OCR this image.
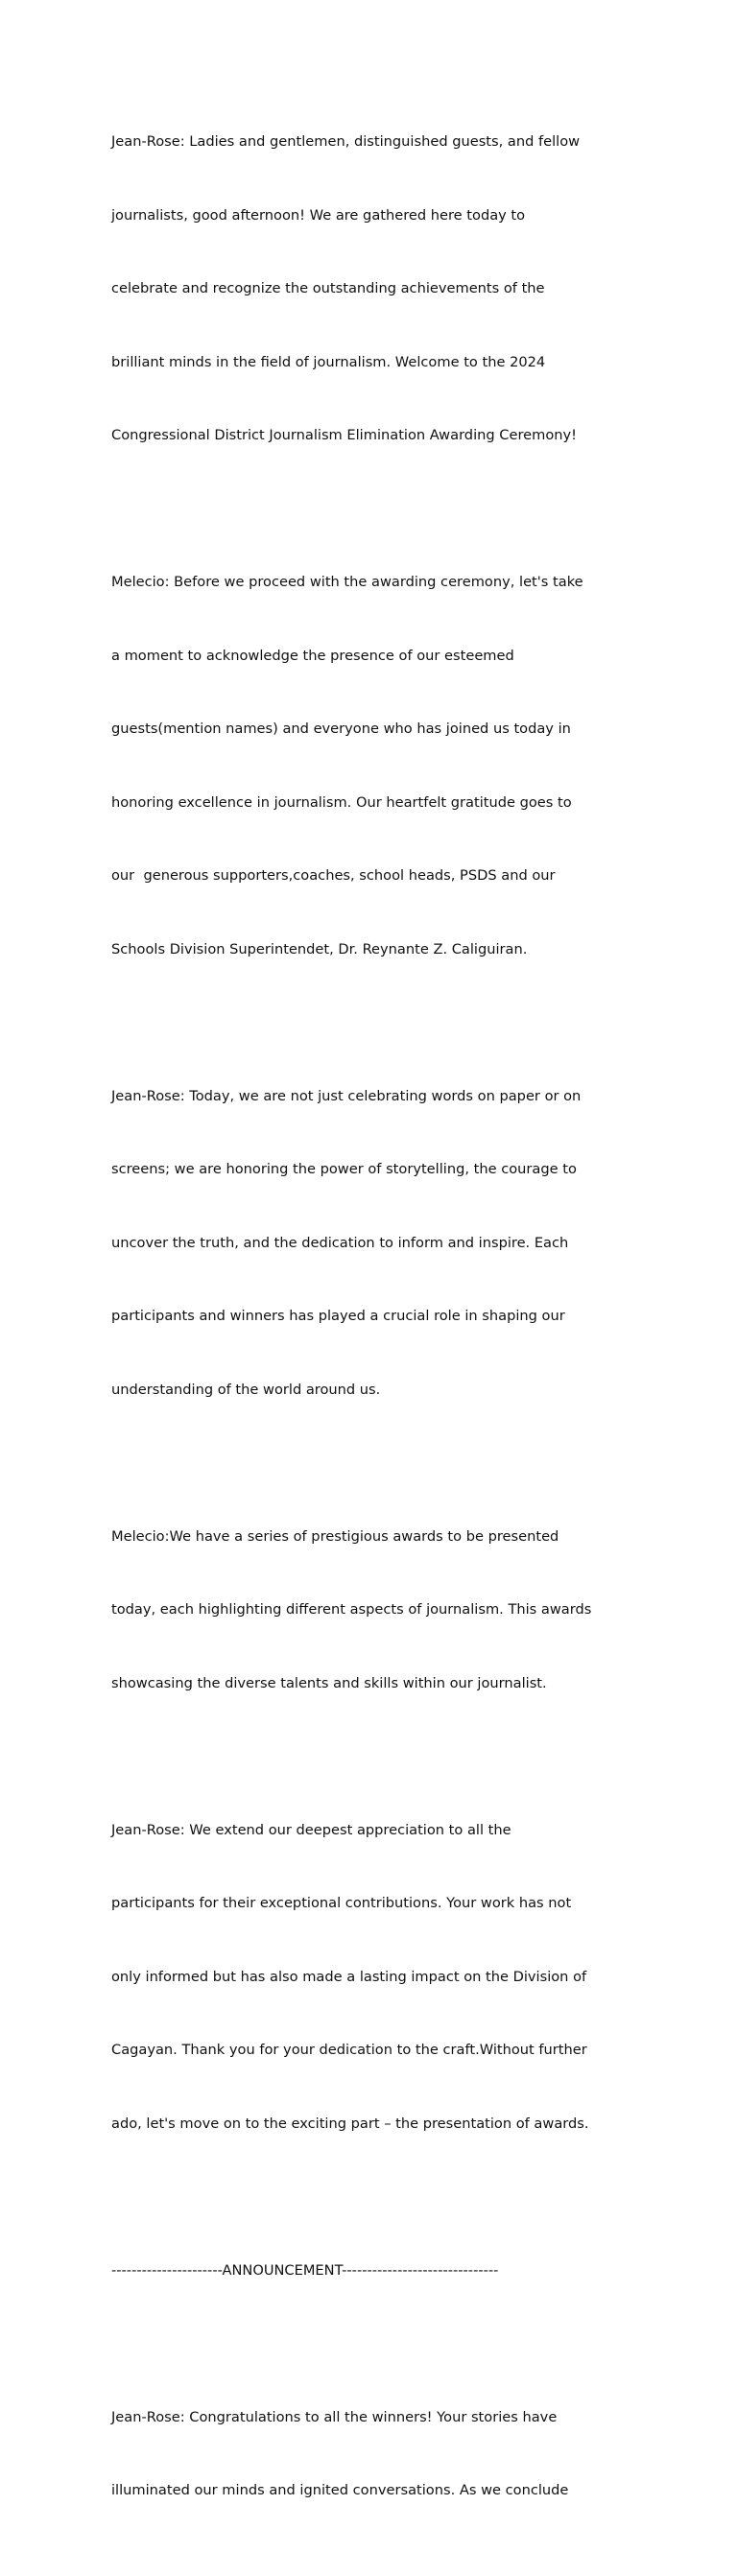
Jean-Rose: Ladies and gentlemen, distinguished guests, and fellow

journalists, good afternoon! We are gathered here today to

celebrate and recognize the outstanding achievements of the

brilliant minds in the field of journalism. Welcome to the 2024

Congressional District Journalism Elimination Awarding Ceremony!

Melecio: Before we proceed with the awarding ceremony, let's take

a moment to acknowledge the presence of our esteemed

guests(mention names) and everyone who has joined us today in

honoring excellence in journalism. Our heartfelt gratitude goes to

our  generous supporters,coaches, school heads, PSDS and our

Schools Division Superintendet, Dr. Reynante Z. Caliguiran.

Jean-Rose: Today, we are not just celebrating words on paper or on

screens; we are honoring the power of storytelling, the courage to

uncover the truth, and the dedication to inform and inspire. Each

participants and winners has played a crucial role in shaping our

understanding of the world around us.

Melecio:We have a series of prestigious awards to be presented

today, each highlighting different aspects of journalism. This awards

showcasing the diverse talents and skills within our journalist.

Jean-Rose: We extend our deepest appreciation to all the

participants for their exceptional contributions. Your work has not

only informed but has also made a lasting impact on the Division of

Cagayan. Thank you for your dedication to the craft.Without further

ado, let's move on to the exciting part – the presentation of awards.

----------------------ANNOUNCEMENT-------------------------------

Jean-Rose: Congratulations to all the winners! Your stories have

illuminated our minds and ignited conversations. As we conclude
